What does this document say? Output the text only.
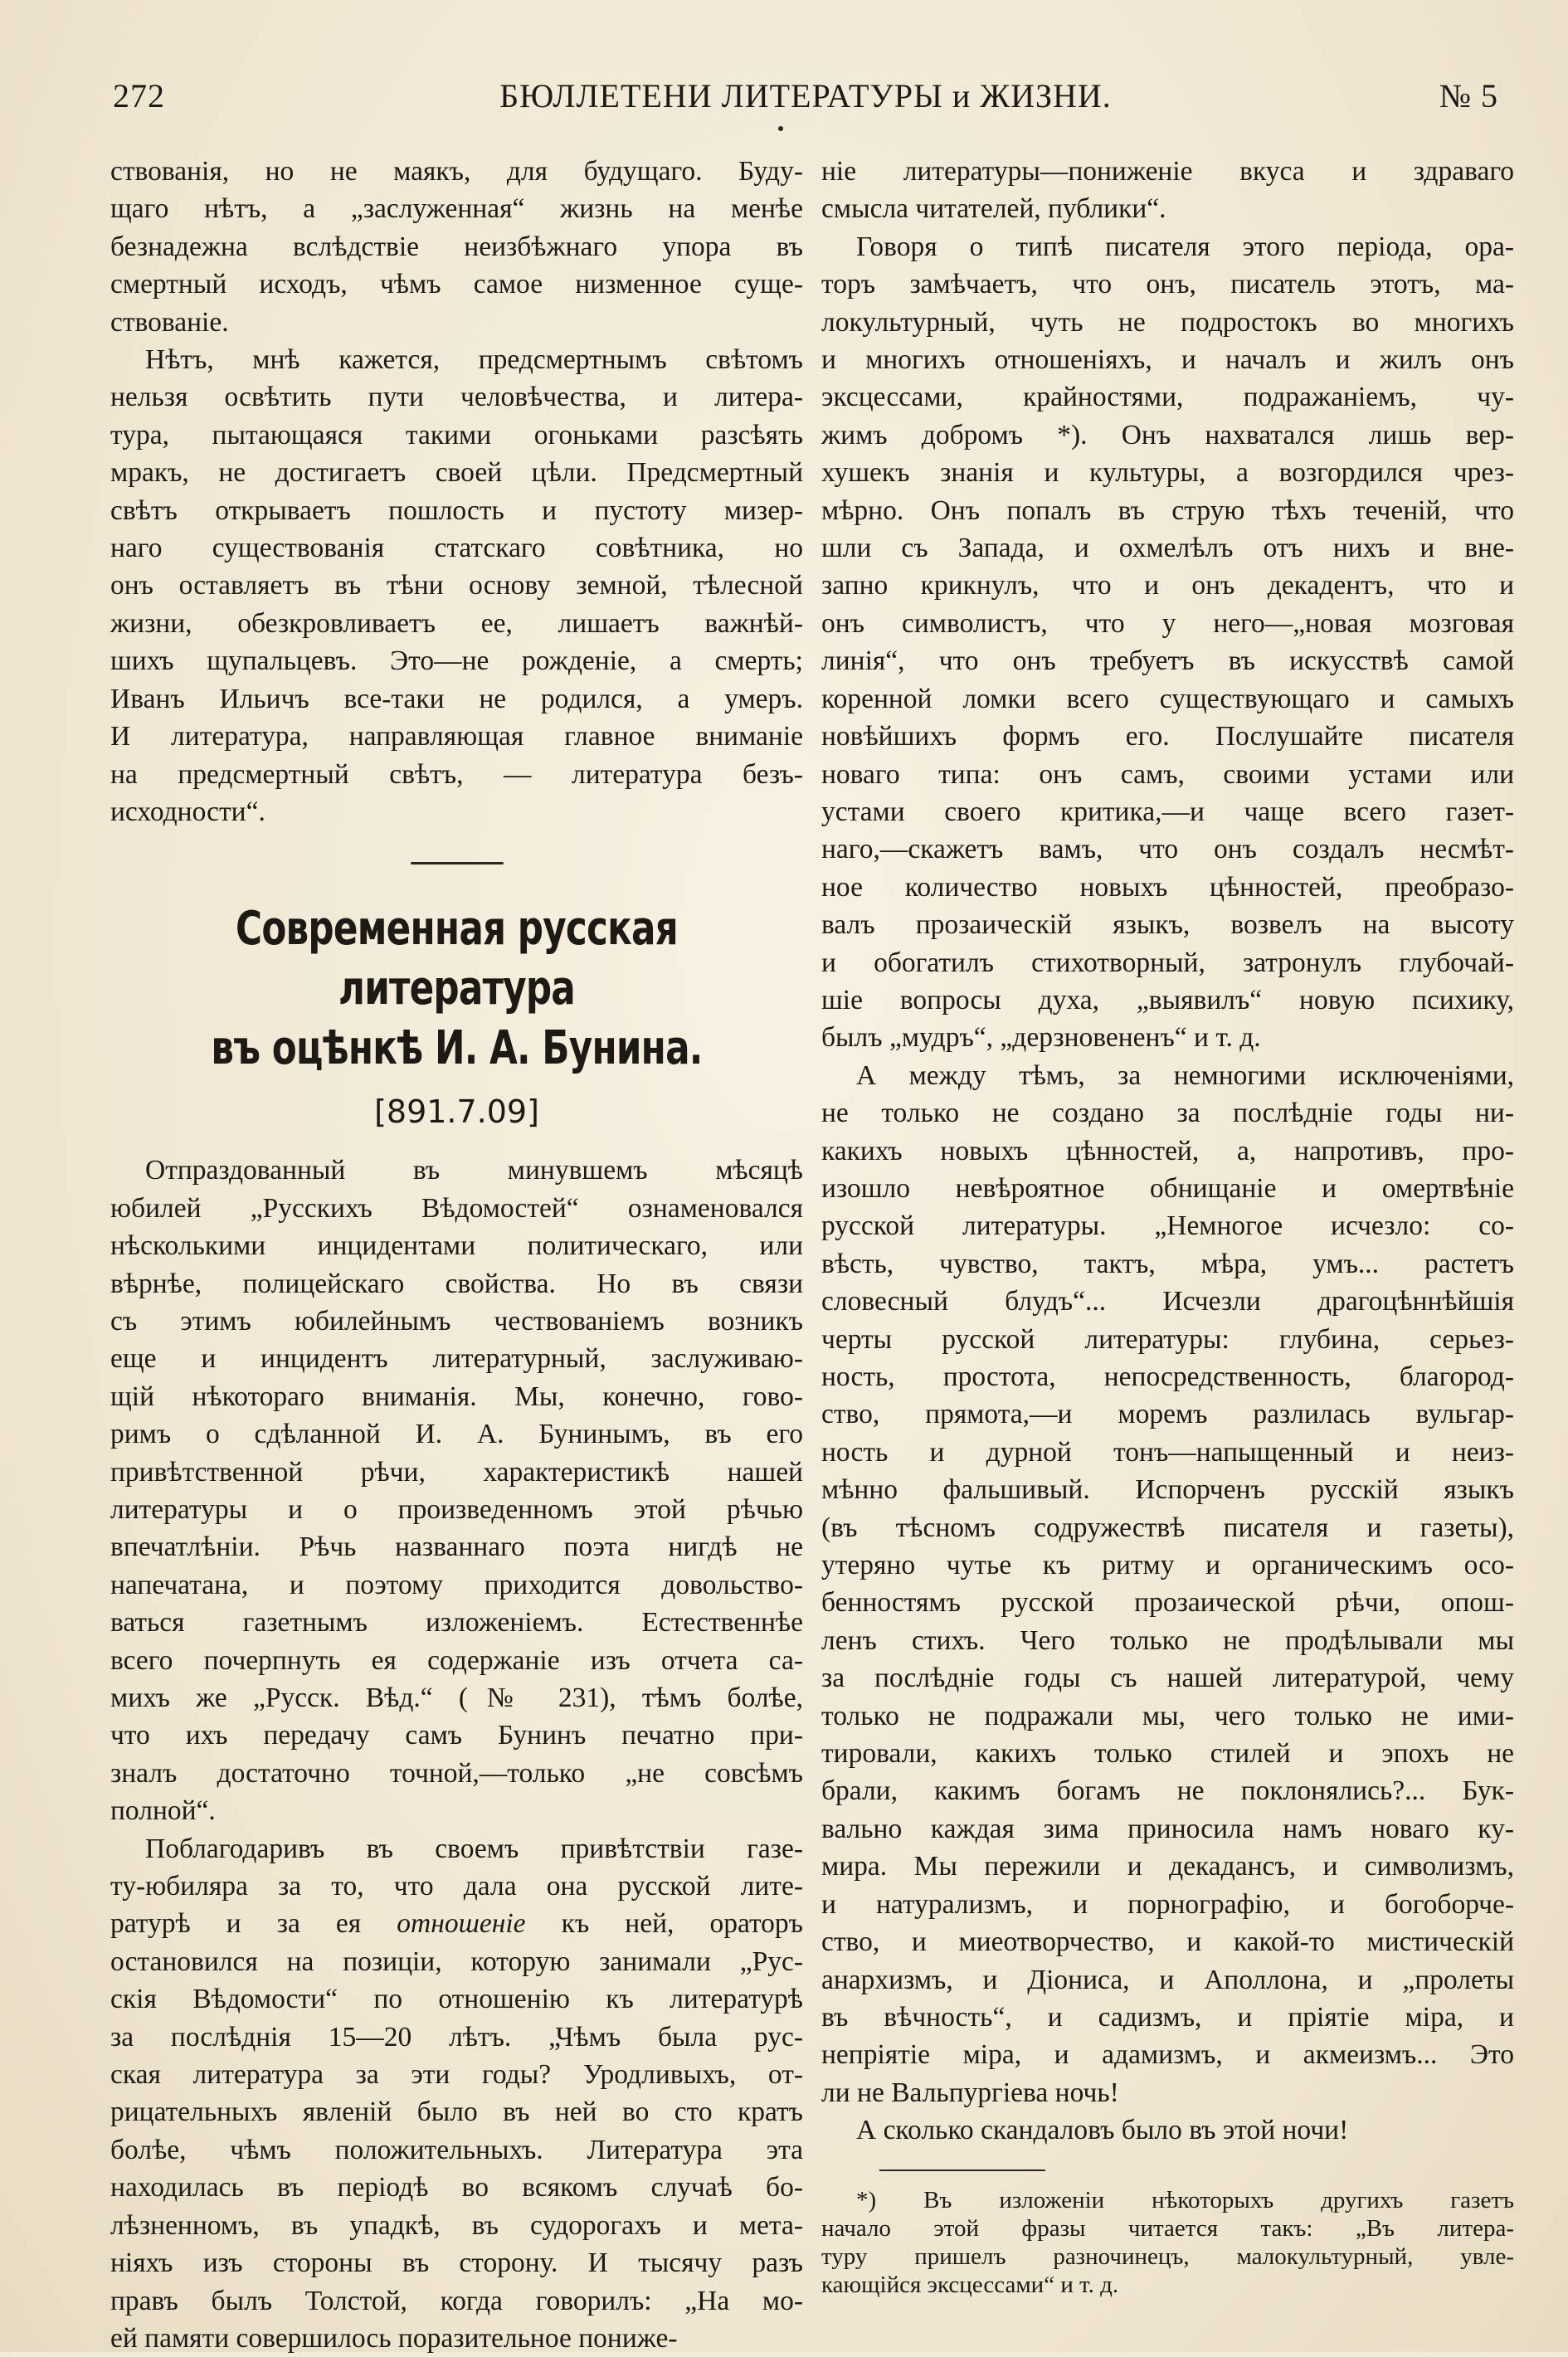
272	БЮЛЛЕТЕНИ ЛИТЕРАТУРЫ и ЖИЗНИ.	№ 5

ствованія, но не маякъ, для будущаго. Буду-
щаго нѣтъ, а „заслуженная“ жизнь на менѣе
безнадежна вслѣдствіе неизбѣжнаго упора въ
смертный исходъ, чѣмъ самое низменное суще-
ствованіе.

Нѣтъ, мнѣ кажется, предсмертнымъ свѣтомъ
нельзя освѣтить пути человѣчества, и литера-
тура, пытающаяся такими огоньками разсѣять
мракъ, не достигаетъ своей цѣли. Предсмертный
свѣтъ открываетъ пошлость и пустоту мизер-
наго существованія статскаго совѣтника, но
онъ оставляетъ въ тѣни основу земной, тѣлесной
жизни, обезкровливаетъ ее, лишаетъ важнѣй-
шихъ щупальцевъ. Это—не рожденіе, а смерть;
Иванъ Ильичъ все-таки не родился, а умеръ.
И литература, направляющая главное вниманіе
на предсмертный свѣтъ, — литература безъ-
исходности“.

Современная русская литература
въ оцѣнкѣ И. А. Бунина.
[891.7.09]

Отпраздованный въ минувшемъ мѣсяцѣ
юбилей „Русскихъ Вѣдомостей“ ознаменовался
нѣсколькими инцидентами политическаго, или
вѣрнѣе, полицейскаго свойства. Но въ связи
съ этимъ юбилейнымъ чествованіемъ возникъ
еще и инцидентъ литературный, заслуживаю-
щій нѣкотораго вниманія. Мы, конечно, гово-
римъ о сдѣланной И. А. Бунинымъ, въ его
привѣтственной рѣчи, характеристикѣ нашей
литературы и о произведенномъ этой рѣчью
впечатлѣніи. Рѣчь названнаго поэта нигдѣ не
напечатана, и поэтому приходится довольство-
ваться газетнымъ изложеніемъ. Естественнѣе
всего почерпнуть ея содержаніе изъ отчета са-
михъ же „Русск. Вѣд.“ (№ 231), тѣмъ болѣе,
что ихъ передачу самъ Бунинъ печатно при-
зналъ достаточно точной,—только „не совсѣмъ
полной“.

Поблагодаривъ въ своемъ привѣтствіи газе-
ту-юбиляра за то, что дала она русской лите-
ратурѣ и за ея отношеніе къ ней, ораторъ
остановился на позиціи, которую занимали „Рус-
скія Вѣдомости“ по отношенію къ литературѣ
за послѣднія 15—20 лѣтъ. „Чѣмъ была рус-
ская литература за эти годы? Уродливыхъ, от-
рицательныхъ явленій было въ ней во сто кратъ
болѣе, чѣмъ положительныхъ. Литература эта
находилась въ періодѣ во всякомъ случаѣ бо-
лѣзненномъ, въ упадкѣ, въ судорогахъ и мета-
ніяхъ изъ стороны въ сторону. И тысячу разъ
правъ былъ Толстой, когда говорилъ: „На мо-
ей памяти совершилось поразительное пониже-

ніе литературы—пониженіе вкуса и здраваго
смысла читателей, публики“.

Говоря о типѣ писателя этого періода, ора-
торъ замѣчаетъ, что онъ, писатель этотъ, ма-
локультурный, чуть не подростокъ во многихъ
и многихъ отношеніяхъ, и началъ и жилъ онъ
эксцессами, крайностями, подражаніемъ, чу-
жимъ добромъ *). Онъ нахватался лишь вер-
хушекъ знанія и культуры, а возгордился чрез-
мѣрно. Онъ попалъ въ струю тѣхъ теченій, что
шли съ Запада, и охмелѣлъ отъ нихъ и вне-
запно крикнулъ, что и онъ декадентъ, что и
онъ символистъ, что у него—„новая мозговая
линія“, что онъ требуетъ въ искусствѣ самой
коренной ломки всего существующаго и самыхъ
новѣйшихъ формъ его. Послушайте писателя
новаго типа: онъ самъ, своими устами или
устами своего критика,—и чаще всего газет-
наго,—скажетъ вамъ, что онъ создалъ несмѣт-
ное количество новыхъ цѣнностей, преобразо-
валъ прозаическій языкъ, возвелъ на высоту
и обогатилъ стихотворный, затронулъ глубочай-
шіе вопросы духа, „выявилъ“ новую психику,
былъ „мудръ“, „дерзновененъ“ и т. д.

А между тѣмъ, за немногими исключеніями,
не только не создано за послѣдніе годы ни-
какихъ новыхъ цѣнностей, а, напротивъ, про-
изошло невѣроятное обнищаніе и омертвѣніе
русской литературы. „Немногое исчезло: со-
вѣсть, чувство, тактъ, мѣра, умъ... растетъ
словесный блудъ“... Исчезли драгоцѣннѣйшія
черты русской литературы: глубина, серьез-
ность, простота, непосредственность, благород-
ство, прямота,—и моремъ разлилась вульгар-
ность и дурной тонъ—напыщенный и неиз-
мѣнно фальшивый. Испорченъ русскій языкъ
(въ тѣсномъ содружествѣ писателя и газеты),
утеряно чутье къ ритму и органическимъ осо-
бенностямъ русской прозаической рѣчи, опош-
ленъ стихъ. Чего только не продѣлывали мы
за послѣдніе годы съ нашей литературой, чему
только не подражали мы, чего только не ими-
тировали, какихъ только стилей и эпохъ не
брали, какимъ богамъ не поклонялись?... Бук-
вально каждая зима приносила намъ новаго ку-
мира. Мы пережили и декадансъ, и символизмъ,
и натурализмъ, и порнографію, и богоборче-
ство, и миеотворчество, и какой-то мистическій
анархизмъ, и Діониса, и Аполлона, и „пролеты
въ вѣчность“, и садизмъ, и пріятіе міра, и
непріятіе міра, и адамизмъ, и акмеизмъ... Это
ли не Вальпургіева ночь!

А сколько скандаловъ было въ этой ночи!

*) Въ изложеніи нѣкоторыхъ другихъ газетъ
начало этой фразы читается такъ: „Въ литера-
туру пришелъ разночинецъ, малокультурный, увле-
кающійся эксцессами“ и т. д.
